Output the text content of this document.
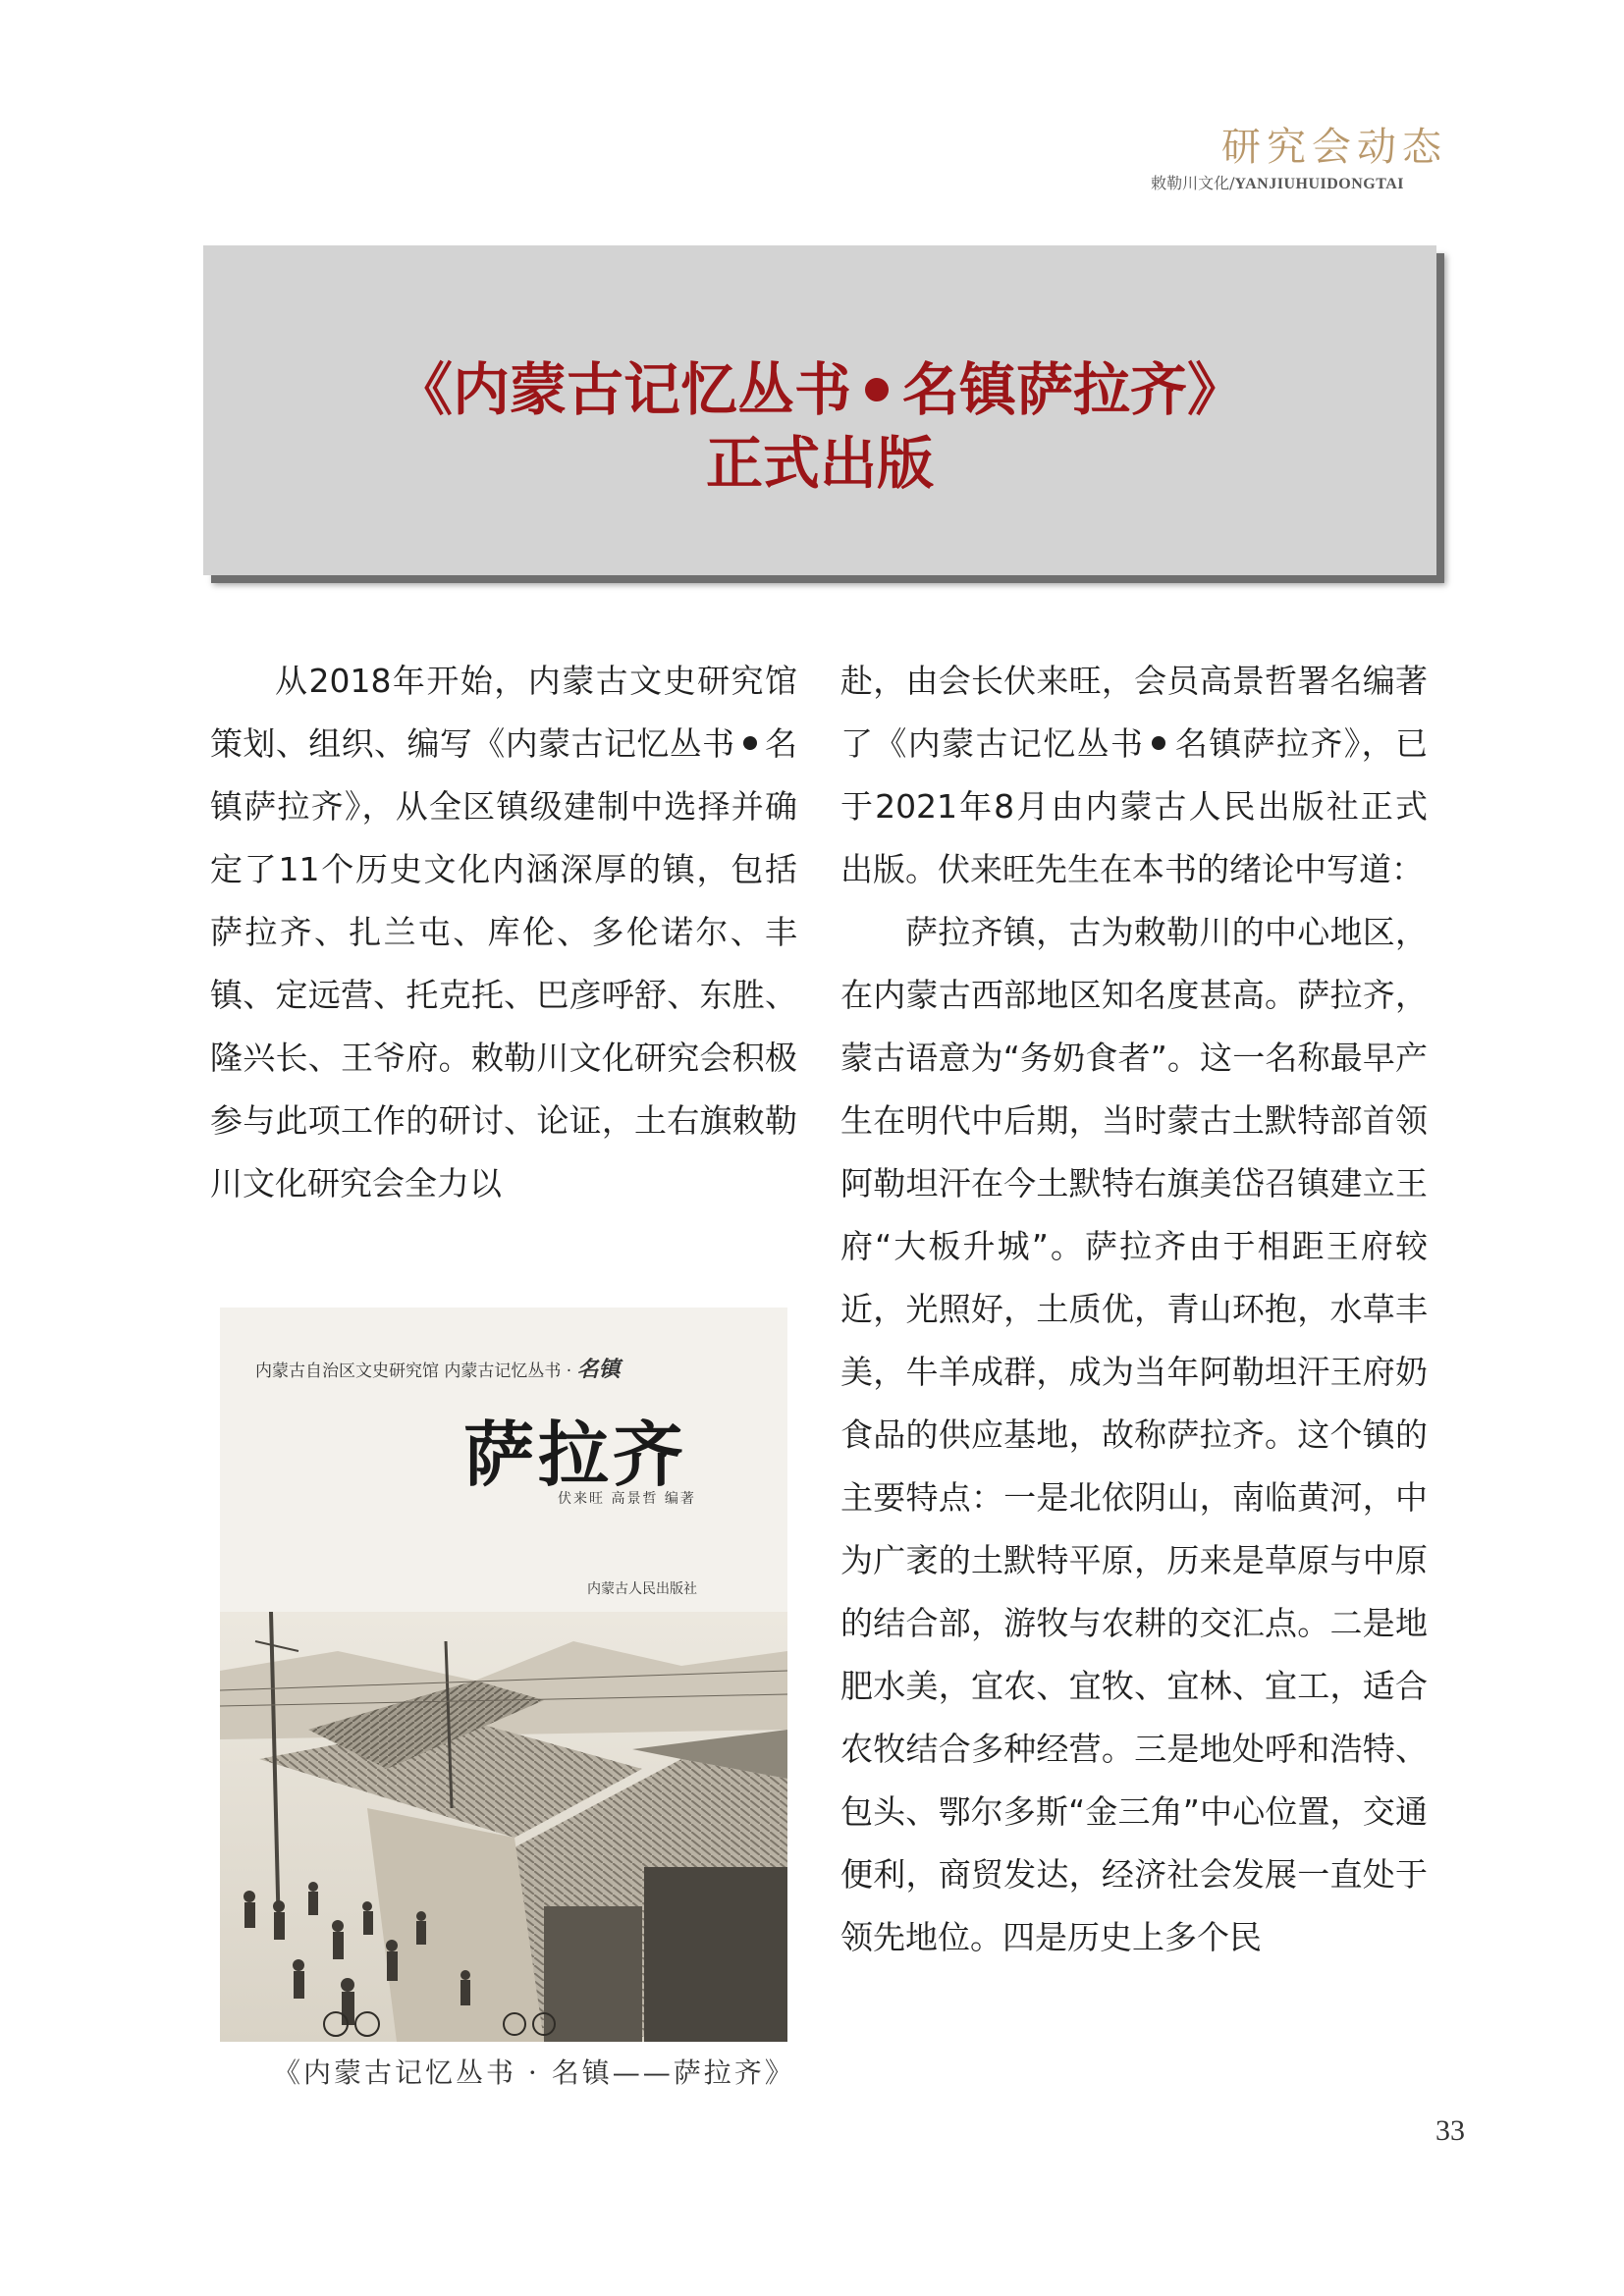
研究会动态
敕勒川文化/YANJIUHUIDONGTAI
《内蒙古记忆丛书 名镇萨拉齐》
正式出版

从2018年开始，内蒙古文史研究馆策划、组织、编写《内蒙古记忆丛书 名镇萨拉齐》，从全区镇级建制中选择并确定了11个历史文化内涵深厚的镇，包括萨拉齐、扎兰屯、库伦、多伦诺尔、丰镇、定远营、托克托、巴彦呼舒、东胜、隆兴长、王爷府。敕勒川文化研究会积极参与此项工作的研讨、论证，土右旗敕勒川文化研究会全力以

内蒙古自治区文史研究馆 内蒙古记忆丛书 · 名镇
萨拉齐
伏来旺 高景哲 编著
内蒙古人民出版社
《内蒙古记忆丛书 · 名镇——萨拉齐》

赴，由会长伏来旺，会员高景哲署名编著了《内蒙古记忆丛书 名镇萨拉齐》，已于2021年8月由内蒙古人民出版社正式出版。伏来旺先生在本书的绪论中写道：

萨拉齐镇，古为敕勒川的中心地区，在内蒙古西部地区知名度甚高。萨拉齐，蒙古语意为“务奶食者”。这一名称最早产生在明代中后期，当时蒙古土默特部首领阿勒坦汗在今土默特右旗美岱召镇建立王府“大板升城”。萨拉齐由于相距王府较近，光照好，土质优，青山环抱，水草丰美，牛羊成群，成为当年阿勒坦汗王府奶食品的供应基地，故称萨拉齐。这个镇的主要特点：一是北依阴山，南临黄河，中为广袤的土默特平原，历来是草原与中原的结合部，游牧与农耕的交汇点。二是地肥水美，宜农、宜牧、宜林、宜工，适合农牧结合多种经营。三是地处呼和浩特、包头、鄂尔多斯“金三角”中心位置，交通便利，商贸发达，经济社会发展一直处于领先地位。四是历史上多个民

33
